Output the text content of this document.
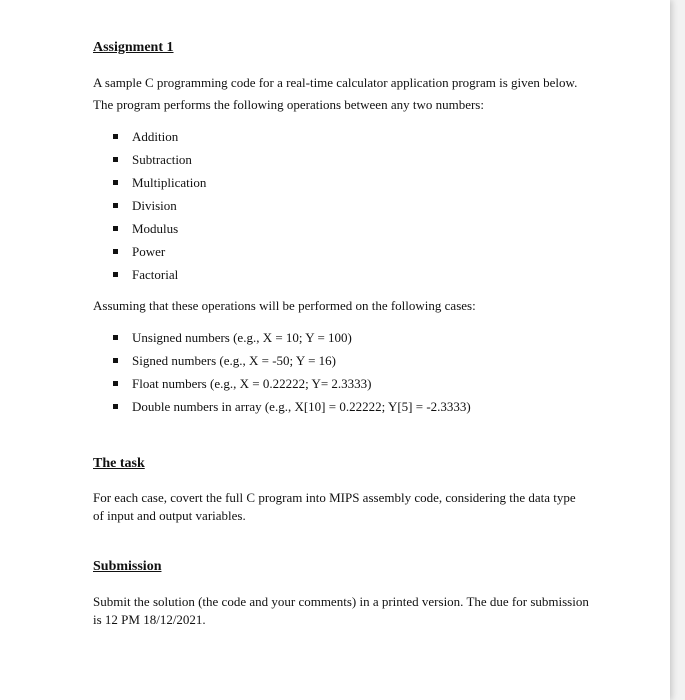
Assignment 1
A sample C programming code for a real-time calculator application program is given below.
The program performs the following operations between any two numbers:
Addition
Subtraction
Multiplication
Division
Modulus
Power
Factorial
Assuming that these operations will be performed on the following cases:
Unsigned numbers (e.g., X = 10; Y = 100)
Signed numbers (e.g., X = -50; Y = 16)
Float numbers (e.g., X = 0.22222; Y= 2.3333)
Double numbers in array (e.g., X[10] = 0.22222; Y[5] = -2.3333)
The task
For each case, covert the full C program into MIPS assembly code, considering the data type
of input and output variables.
Submission
Submit the solution (the code and your comments) in a printed version. The due for submission
is 12 PM 18/12/2021.
